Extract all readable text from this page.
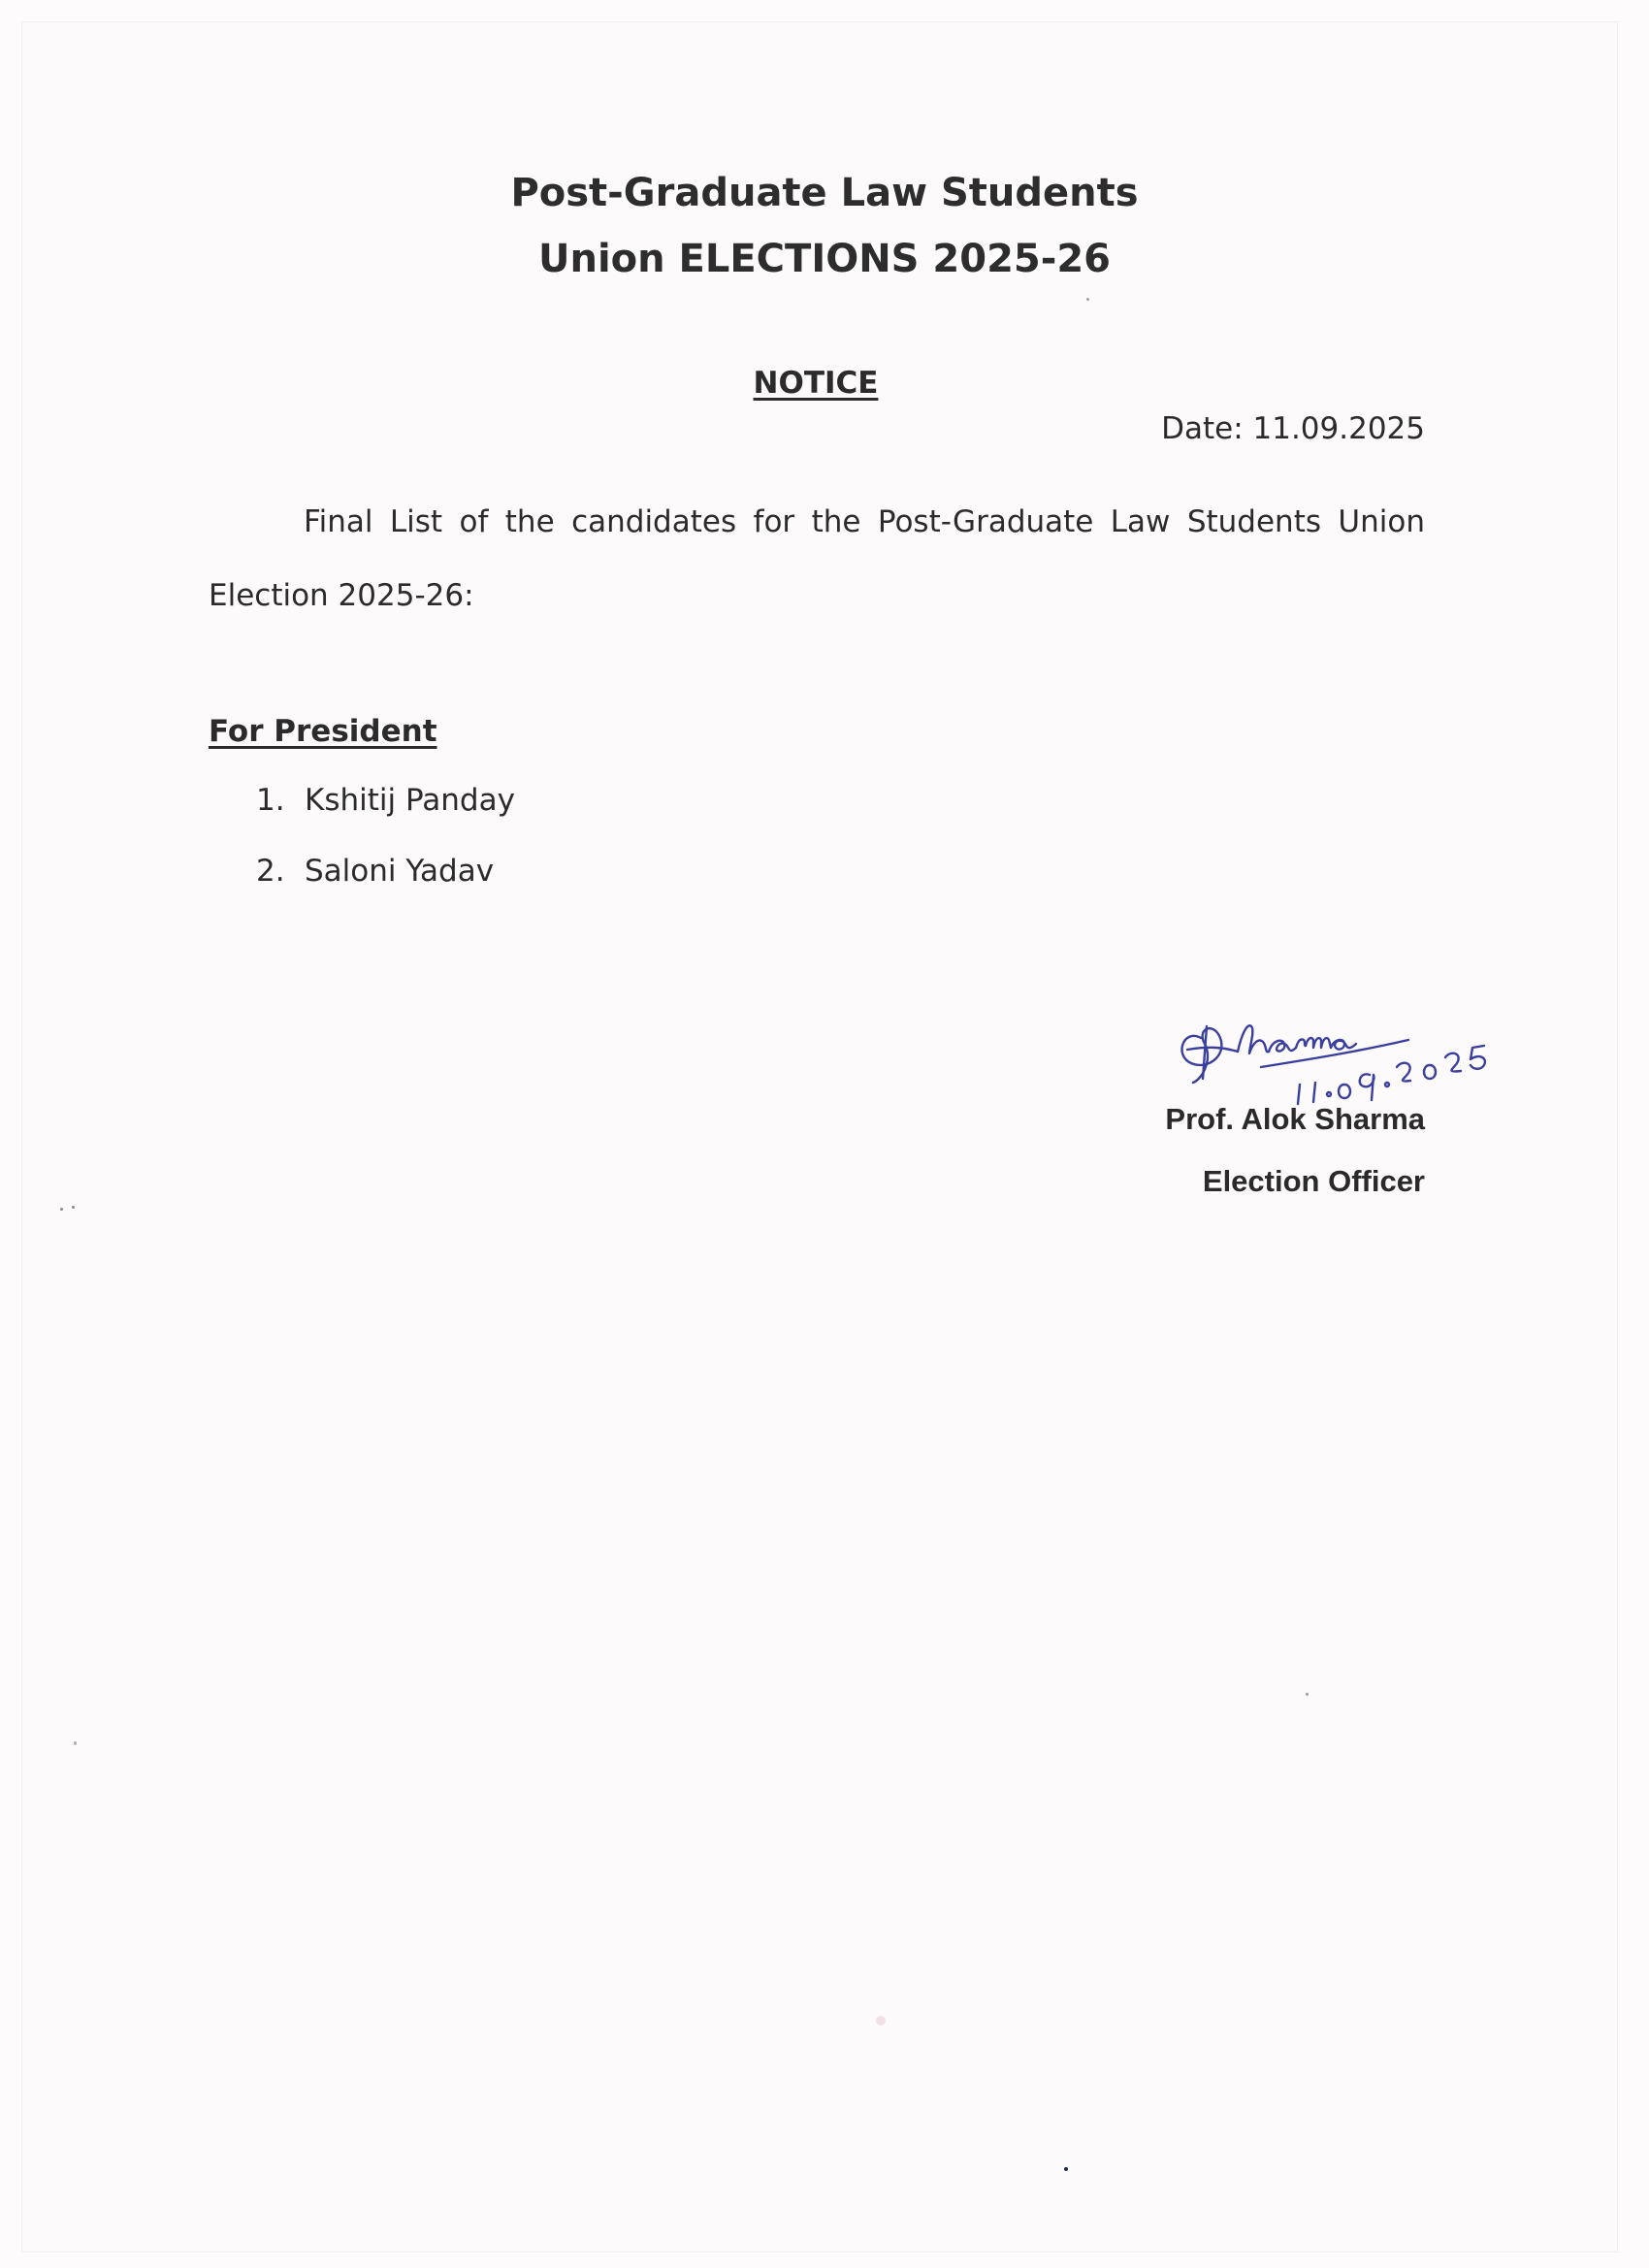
Post-Graduate Law Students
Union ELECTIONS 2025-26
NOTICE
Date: 11.09.2025
Final List of the candidates for the Post-Graduate Law Students Union
Election 2025-26:
For President
1. Kshitij Panday
2. Saloni Yadav
Prof. Alok Sharma
Election Officer
